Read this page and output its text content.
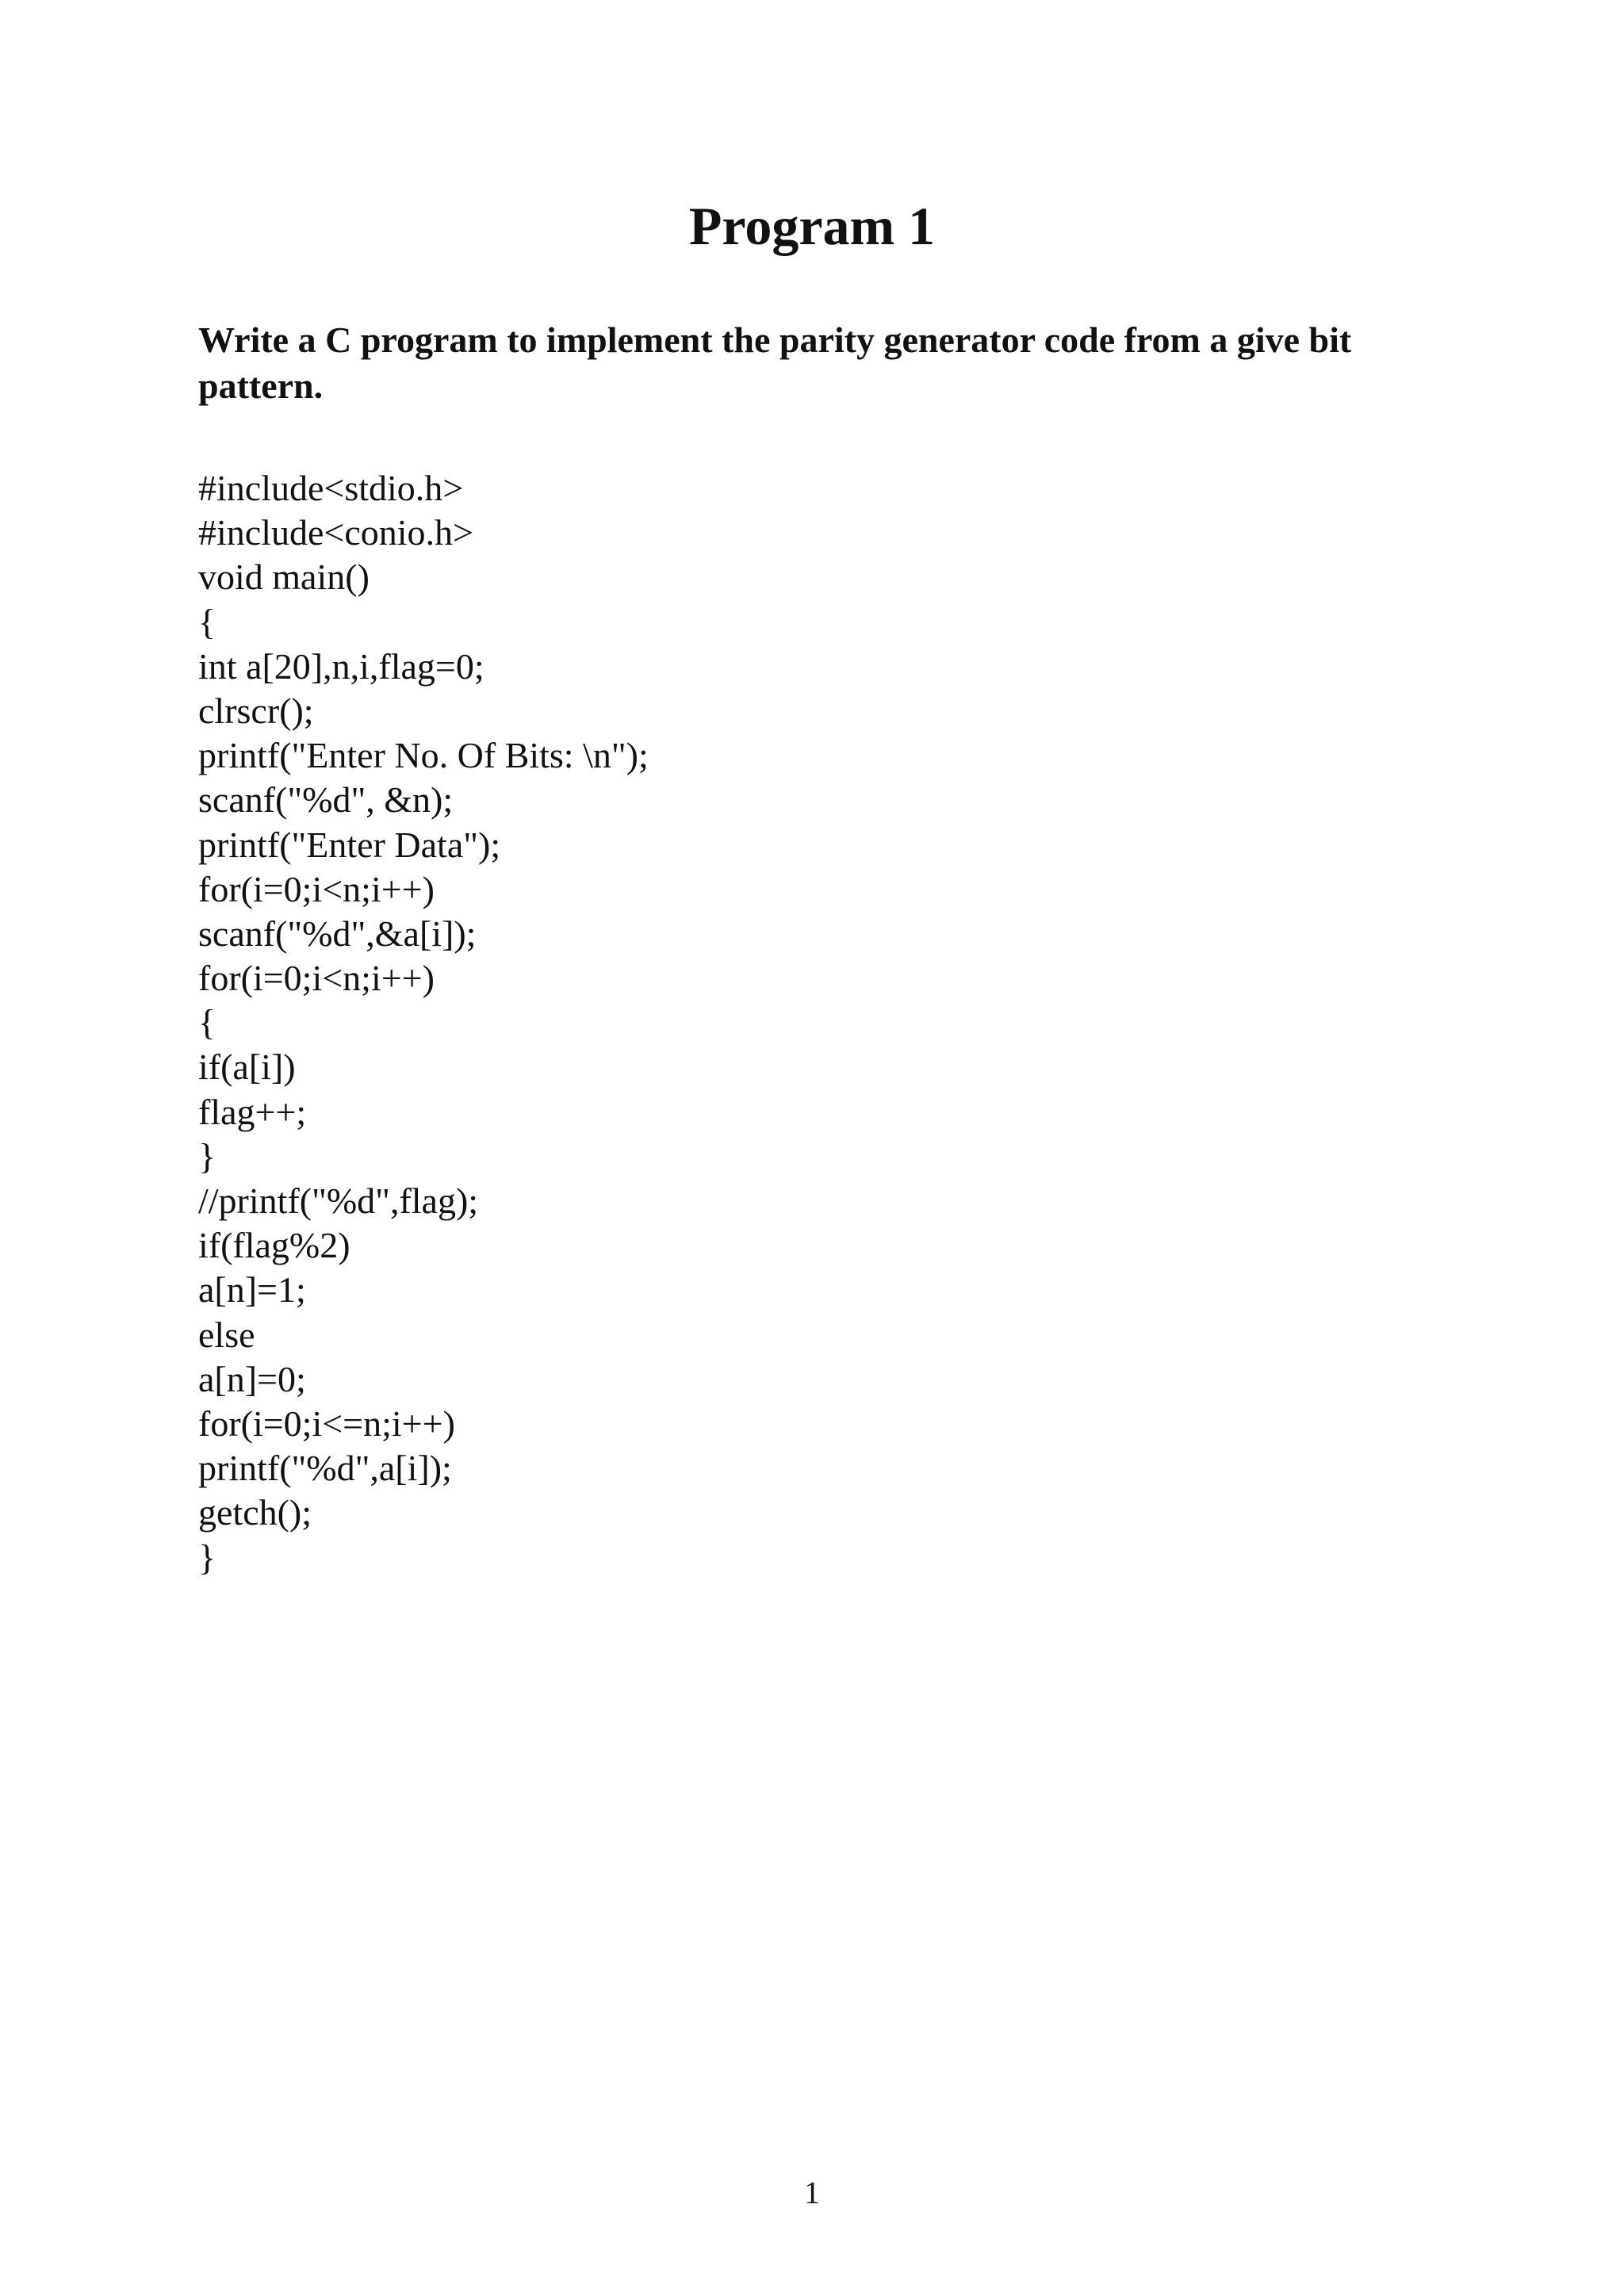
Program 1

Write a C program to implement the parity generator code from a give bit pattern.

#include<stdio.h>
#include<conio.h>
void main()
{
int a[20],n,i,flag=0;
clrscr();
printf("Enter No. Of Bits: \n");
scanf("%d", &n);
printf("Enter Data");
for(i=0;i<n;i++)
scanf("%d",&a[i]);
for(i=0;i<n;i++)
{
if(a[i])
flag++;
}
//printf("%d",flag);
if(flag%2)
a[n]=1;
else
a[n]=0;
for(i=0;i<=n;i++)
printf("%d",a[i]);
getch();
}
1
